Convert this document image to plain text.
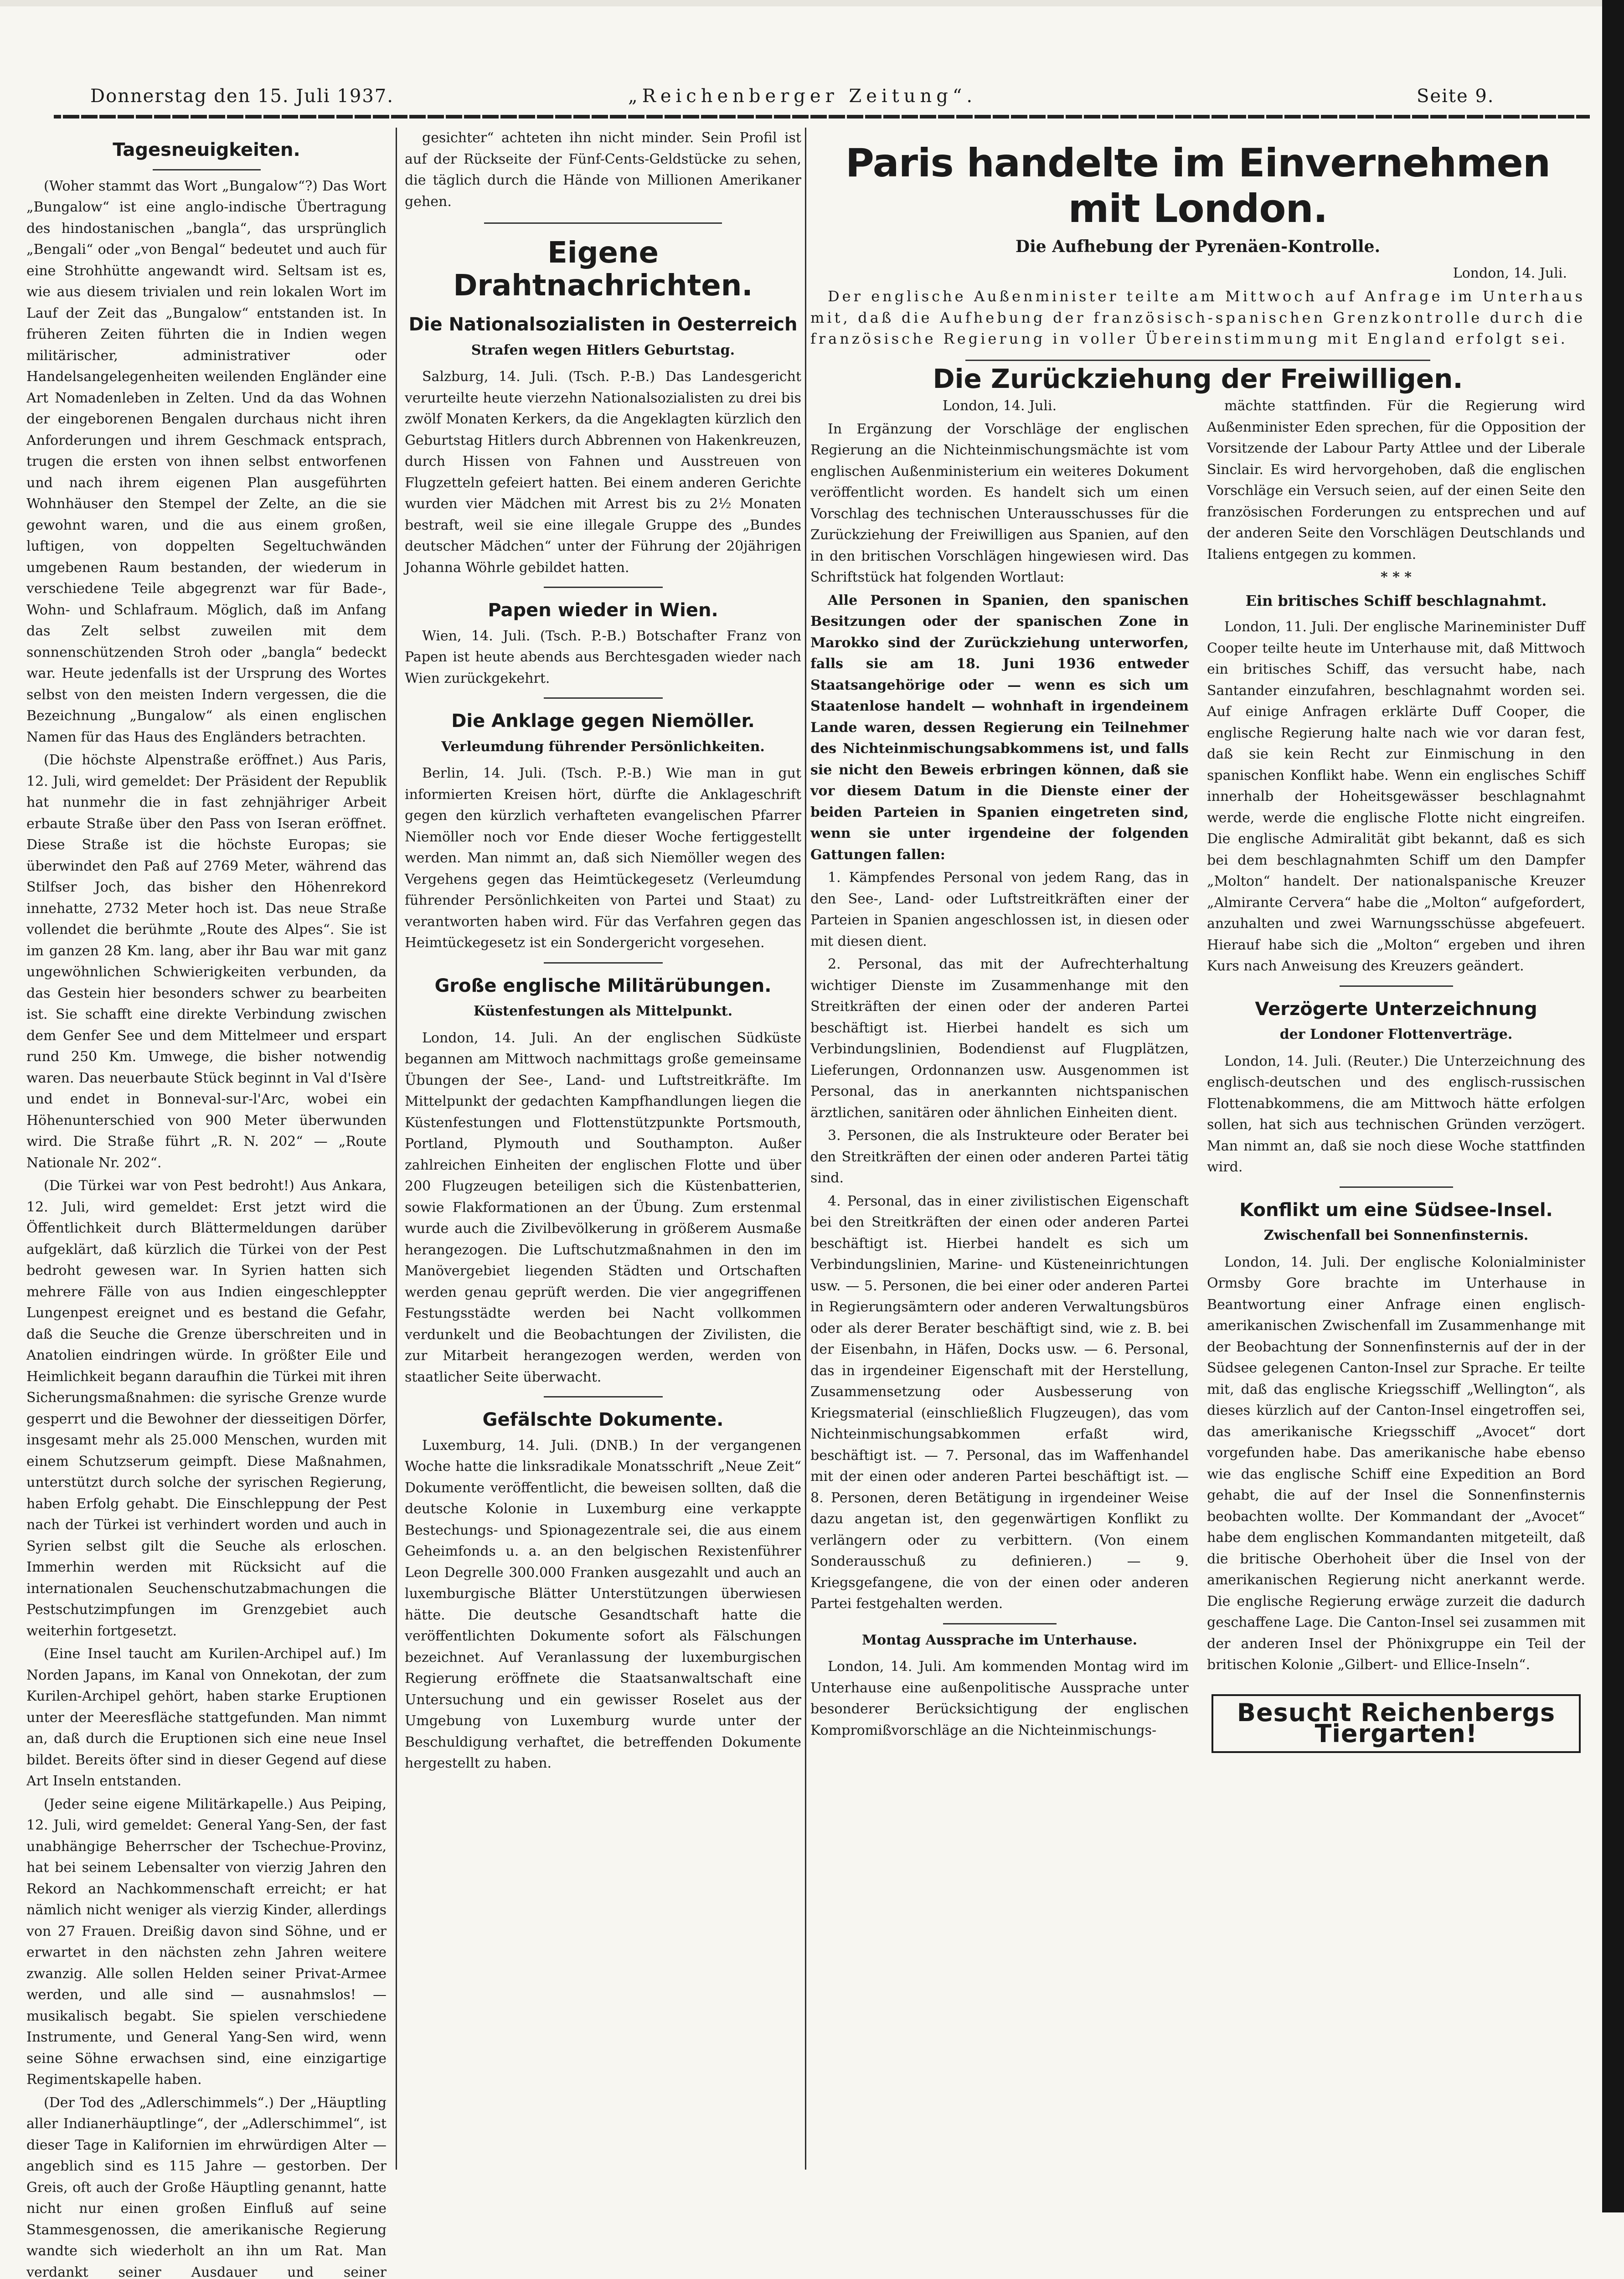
Donnerstag den 15. Juli 1937.	„Reichenberger Zeitung“.	Seite 9.

Tagesneuigkeiten.

(Woher stammt das Wort „Bungalow“?) Das Wort „Bungalow“ ist eine anglo-indische Übertragung des hindostanischen „bangla“, das ursprünglich „Bengali“ oder „von Bengal“ bedeutet und auch für eine Strohhütte angewandt wird. Seltsam ist es, wie aus diesem trivialen und rein lokalen Wort im Lauf der Zeit das „Bungalow“ entstanden ist. In früheren Zeiten führten die in Indien wegen militärischer, administrativer oder Handelsangelegenheiten weilenden Engländer eine Art Nomadenleben in Zelten. Und da das Wohnen der eingeborenen Bengalen durchaus nicht ihren Anforderungen und ihrem Geschmack entsprach, trugen die ersten von ihnen selbst entworfenen und nach ihrem eigenen Plan ausgeführten Wohnhäuser den Stempel der Zelte, an die sie gewohnt waren, und die aus einem großen, luftigen, von doppelten Segeltuchwänden umgebenen Raum bestanden, der wiederum in verschiedene Teile abgegrenzt war für Bade-, Wohn- und Schlafraum. Möglich, daß im Anfang das Zelt selbst zuweilen mit dem sonnenschützenden Stroh oder „bangla“ bedeckt war. Heute jedenfalls ist der Ursprung des Wortes selbst von den meisten Indern vergessen, die die Bezeichnung „Bungalow“ als einen englischen Namen für das Haus des Engländers betrachten.

(Die höchste Alpenstraße eröffnet.) Aus Paris, 12. Juli, wird gemeldet: Der Präsident der Republik hat nunmehr die in fast zehnjähriger Arbeit erbaute Straße über den Pass von Iseran eröffnet. Diese Straße ist die höchste Europas; sie überwindet den Paß auf 2769 Meter, während das Stilfser Joch, das bisher den Höhenrekord innehatte, 2732 Meter hoch ist. Das neue Straße vollendet die berühmte „Route des Alpes“. Sie ist im ganzen 28 Km. lang, aber ihr Bau war mit ganz ungewöhnlichen Schwierigkeiten verbunden, da das Gestein hier besonders schwer zu bearbeiten ist. Sie schafft eine direkte Verbindung zwischen dem Genfer See und dem Mittelmeer und erspart rund 250 Km. Umwege, die bisher notwendig waren. Das neuerbaute Stück beginnt in Val d'Isère und endet in Bonneval-sur-l'Arc, wobei ein Höhenunterschied von 900 Meter überwunden wird. Die Straße führt „R. N. 202“ — „Route Nationale Nr. 202“.

(Die Türkei war von Pest bedroht!) Aus Ankara, 12. Juli, wird gemeldet: Erst jetzt wird die Öffentlichkeit durch Blättermeldungen darüber aufgeklärt, daß kürzlich die Türkei von der Pest bedroht gewesen war. In Syrien hatten sich mehrere Fälle von aus Indien eingeschleppter Lungenpest ereignet und es bestand die Gefahr, daß die Seuche die Grenze überschreiten und in Anatolien eindringen würde. In größter Eile und Heimlichkeit begann daraufhin die Türkei mit ihren Sicherungsmaßnahmen: die syrische Grenze wurde gesperrt und die Bewohner der diesseitigen Dörfer, insgesamt mehr als 25.000 Menschen, wurden mit einem Schutzserum geimpft. Diese Maßnahmen, unterstützt durch solche der syrischen Regierung, haben Erfolg gehabt. Die Einschleppung der Pest nach der Türkei ist verhindert worden und auch in Syrien selbst gilt die Seuche als erloschen. Immerhin werden mit Rücksicht auf die internationalen Seuchenschutzabmachungen die Pestschutzimpfungen im Grenzgebiet auch weiterhin fortgesetzt.

(Eine Insel taucht am Kurilen-Archipel auf.) Im Norden Japans, im Kanal von Onnekotan, der zum Kurilen-Archipel gehört, haben starke Eruptionen unter der Meeresfläche stattgefunden. Man nimmt an, daß durch die Eruptionen sich eine neue Insel bildet. Bereits öfter sind in dieser Gegend auf diese Art Inseln entstanden.

(Jeder seine eigene Militärkapelle.) Aus Peiping, 12. Juli, wird gemeldet: General Yang-Sen, der fast unabhängige Beherrscher der Tschechue-Provinz, hat bei seinem Lebensalter von vierzig Jahren den Rekord an Nachkommenschaft erreicht; er hat nämlich nicht weniger als vierzig Kinder, allerdings von 27 Frauen. Dreißig davon sind Söhne, und er erwartet in den nächsten zehn Jahren weitere zwanzig. Alle sollen Helden seiner Privat-Armee werden, und alle sind — ausnahmslos! — musikalisch begabt. Sie spielen verschiedene Instrumente, und General Yang-Sen wird, wenn seine Söhne erwachsen sind, eine einzigartige Regimentskapelle haben.

(Der Tod des „Adlerschimmels“.) Der „Häuptling aller Indianerhäuptlinge“, der „Adlerschimmel“, ist dieser Tage in Kalifornien im ehrwürdigen Alter — angeblich sind es 115 Jahre — gestorben. Der Greis, oft auch der Große Häuptling genannt, hatte nicht nur einen großen Einfluß auf seine Stammesgenossen, die amerikanische Regierung wandte sich wiederholt an ihn um Rat. Man verdankt seiner Ausdauer und seiner

gesichter“ achteten ihn nicht minder. Sein Profil ist auf der Rückseite der Fünf-Cents-Geldstücke zu sehen, die täglich durch die Hände von Millionen Amerikaner gehen.

Eigene Drahtnachrichten.

Die Nationalsozialisten in Oesterreich

Strafen wegen Hitlers Geburtstag.

Salzburg, 14. Juli. (Tsch. P.-B.) Das Landesgericht verurteilte heute vierzehn Nationalsozialisten zu drei bis zwölf Monaten Kerkers, da die Angeklagten kürzlich den Geburtstag Hitlers durch Abbrennen von Hakenkreuzen, durch Hissen von Fahnen und Ausstreuen von Flugzetteln gefeiert hatten. Bei einem anderen Gerichte wurden vier Mädchen mit Arrest bis zu 2½ Monaten bestraft, weil sie eine illegale Gruppe des „Bundes deutscher Mädchen“ unter der Führung der 20jährigen Johanna Wöhrle gebildet hatten.

Papen wieder in Wien.

Wien, 14. Juli. (Tsch. P.-B.) Botschafter Franz von Papen ist heute abends aus Berchtesgaden wieder nach Wien zurückgekehrt.

Die Anklage gegen Niemöller.

Verleumdung führender Persönlichkeiten.

Berlin, 14. Juli. (Tsch. P.-B.) Wie man in gut informierten Kreisen hört, dürfte die Anklageschrift gegen den kürzlich verhafteten evangelischen Pfarrer Niemöller noch vor Ende dieser Woche fertiggestellt werden. Man nimmt an, daß sich Niemöller wegen des Vergehens gegen das Heimtückegesetz (Verleumdung führender Persönlichkeiten von Partei und Staat) zu verantworten haben wird. Für das Verfahren gegen das Heimtückegesetz ist ein Sondergericht vorgesehen.

Große englische Militärübungen.

Küstenfestungen als Mittelpunkt.

London, 14. Juli. An der englischen Südküste begannen am Mittwoch nachmittags große gemeinsame Übungen der See-, Land- und Luftstreitkräfte. Im Mittelpunkt der gedachten Kampfhandlungen liegen die Küstenfestungen und Flottenstützpunkte Portsmouth, Portland, Plymouth und Southampton. Außer zahlreichen Einheiten der englischen Flotte und über 200 Flugzeugen beteiligen sich die Küstenbatterien, sowie Flakformationen an der Übung. Zum erstenmal wurde auch die Zivilbevölkerung in größerem Ausmaße herangezogen. Die Luftschutzmaßnahmen in den im Manövergebiet liegenden Städten und Ortschaften werden genau geprüft werden. Die vier angegriffenen Festungsstädte werden bei Nacht vollkommen verdunkelt und die Beobachtungen der Zivilisten, die zur Mitarbeit herangezogen werden, werden von staatlicher Seite überwacht.

Gefälschte Dokumente.

Luxemburg, 14. Juli. (DNB.) In der vergangenen Woche hatte die linksradikale Monatsschrift „Neue Zeit“ Dokumente veröffentlicht, die beweisen sollten, daß die deutsche Kolonie in Luxemburg eine verkappte Bestechungs- und Spionagezentrale sei, die aus einem Geheimfonds u. a. an den belgischen Rexistenführer Leon Degrelle 300.000 Franken ausgezahlt und auch an luxemburgische Blätter Unterstützungen überwiesen hätte. Die deutsche Gesandtschaft hatte die veröffentlichten Dokumente sofort als Fälschungen bezeichnet. Auf Veranlassung der luxemburgischen Regierung eröffnete die Staatsanwaltschaft eine Untersuchung und ein gewisser Roselet aus der Umgebung von Luxemburg wurde unter der Beschuldigung verhaftet, die betreffenden Dokumente hergestellt zu haben.

Paris handelte im Einvernehmen mit London.

Die Aufhebung der Pyrenäen-Kontrolle.

London, 14. Juli.

Der englische Außenminister teilte am Mittwoch auf Anfrage im Unterhaus mit, daß die Aufhebung der französisch-spanischen Grenzkontrolle durch die französische Regierung in voller Übereinstimmung mit England erfolgt sei.

Die Zurückziehung der Freiwilligen.

London, 14. Juli.

In Ergänzung der Vorschläge der englischen Regierung an die Nichteinmischungsmächte ist vom englischen Außenministerium ein weiteres Dokument veröffentlicht worden. Es handelt sich um einen Vorschlag des technischen Unterausschusses für die Zurückziehung der Freiwilligen aus Spanien, auf den in den britischen Vorschlägen hingewiesen wird. Das Schriftstück hat folgenden Wortlaut:

Alle Personen in Spanien, den spanischen Besitzungen oder der spanischen Zone in Marokko sind der Zurückziehung unterworfen, falls sie am 18. Juni 1936 entweder Staatsangehörige oder — wenn es sich um Staatenlose handelt — wohnhaft in irgendeinem Lande waren, dessen Regierung ein Teilnehmer des Nichteinmischungsabkommens ist, und falls sie nicht den Beweis erbringen können, daß sie vor diesem Datum in die Dienste einer der beiden Parteien in Spanien eingetreten sind, wenn sie unter irgendeine der folgenden Gattungen fallen:

1. Kämpfendes Personal von jedem Rang, das in den See-, Land- oder Luftstreitkräften einer der Parteien in Spanien angeschlossen ist, in diesen oder mit diesen dient.

2. Personal, das mit der Aufrechterhaltung wichtiger Dienste im Zusammenhange mit den Streitkräften der einen oder der anderen Partei beschäftigt ist. Hierbei handelt es sich um Verbindungslinien, Bodendienst auf Flugplätzen, Lieferungen, Ordonnanzen usw. Ausgenommen ist Personal, das in anerkannten nichtspanischen ärztlichen, sanitären oder ähnlichen Einheiten dient.

3. Personen, die als Instrukteure oder Berater bei den Streitkräften der einen oder anderen Partei tätig sind.

4. Personal, das in einer zivilistischen Eigenschaft bei den Streitkräften der einen oder anderen Partei beschäftigt ist. Hierbei handelt es sich um Verbindungslinien, Marine- und Küsteneinrichtungen usw. — 5. Personen, die bei einer oder anderen Partei in Regierungsämtern oder anderen Verwaltungsbüros oder als derer Berater beschäftigt sind, wie z. B. bei der Eisenbahn, in Häfen, Docks usw. — 6. Personal, das in irgendeiner Eigenschaft mit der Herstellung, Zusammensetzung oder Ausbesserung von Kriegsmaterial (einschließlich Flugzeugen), das vom Nichteinmischungsabkommen erfaßt wird, beschäftigt ist. — 7. Personal, das im Waffenhandel mit der einen oder anderen Partei beschäftigt ist. — 8. Personen, deren Betätigung in irgendeiner Weise dazu angetan ist, den gegenwärtigen Konflikt zu verlängern oder zu verbittern. (Von einem Sonderausschuß zu definieren.) — 9. Kriegsgefangene, die von der einen oder anderen Partei festgehalten werden.

Montag Aussprache im Unterhause.

London, 14. Juli. Am kommenden Montag wird im Unterhause eine außenpolitische Aussprache unter besonderer Berücksichtigung der englischen Kompromißvorschläge an die Nichteinmischungs-

mächte stattfinden. Für die Regierung wird Außenminister Eden sprechen, für die Opposition der Vorsitzende der Labour Party Attlee und der Liberale Sinclair. Es wird hervorgehoben, daß die englischen Vorschläge ein Versuch seien, auf der einen Seite den französischen Forderungen zu entsprechen und auf der anderen Seite den Vorschlägen Deutschlands und Italiens entgegen zu kommen.

* * *

Ein britisches Schiff beschlagnahmt.

London, 11. Juli. Der englische Marineminister Duff Cooper teilte heute im Unterhause mit, daß Mittwoch ein britisches Schiff, das versucht habe, nach Santander einzufahren, beschlagnahmt worden sei. Auf einige Anfragen erklärte Duff Cooper, die englische Regierung halte nach wie vor daran fest, daß sie kein Recht zur Einmischung in den spanischen Konflikt habe. Wenn ein englisches Schiff innerhalb der Hoheitsgewässer beschlagnahmt werde, werde die englische Flotte nicht eingreifen. Die englische Admiralität gibt bekannt, daß es sich bei dem beschlagnahmten Schiff um den Dampfer „Molton“ handelt. Der nationalspanische Kreuzer „Almirante Cervera“ habe die „Molton“ aufgefordert, anzuhalten und zwei Warnungsschüsse abgefeuert. Hierauf habe sich die „Molton“ ergeben und ihren Kurs nach Anweisung des Kreuzers geändert.

Verzögerte Unterzeichnung

der Londoner Flottenverträge.

London, 14. Juli. (Reuter.) Die Unterzeichnung des englisch-deutschen und des englisch-russischen Flottenabkommens, die am Mittwoch hätte erfolgen sollen, hat sich aus technischen Gründen verzögert. Man nimmt an, daß sie noch diese Woche stattfinden wird.

Konflikt um eine Südsee-Insel.

Zwischenfall bei Sonnenfinsternis.

London, 14. Juli. Der englische Kolonialminister Ormsby Gore brachte im Unterhause in Beantwortung einer Anfrage einen englisch-amerikanischen Zwischenfall im Zusammenhange mit der Beobachtung der Sonnenfinsternis auf der in der Südsee gelegenen Canton-Insel zur Sprache. Er teilte mit, daß das englische Kriegsschiff „Wellington“, als dieses kürzlich auf der Canton-Insel eingetroffen sei, das amerikanische Kriegsschiff „Avocet“ dort vorgefunden habe. Das amerikanische habe ebenso wie das englische Schiff eine Expedition an Bord gehabt, die auf der Insel die Sonnenfinsternis beobachten wollte. Der Kommandant der „Avocet“ habe dem englischen Kommandanten mitgeteilt, daß die britische Oberhoheit über die Insel von der amerikanischen Regierung nicht anerkannt werde. Die englische Regierung erwäge zurzeit die dadurch geschaffene Lage. Die Canton-Insel sei zusammen mit der anderen Insel der Phönixgruppe ein Teil der britischen Kolonie „Gilbert- und Ellice-Inseln“.

Besucht Reichenbergs Tiergarten!
